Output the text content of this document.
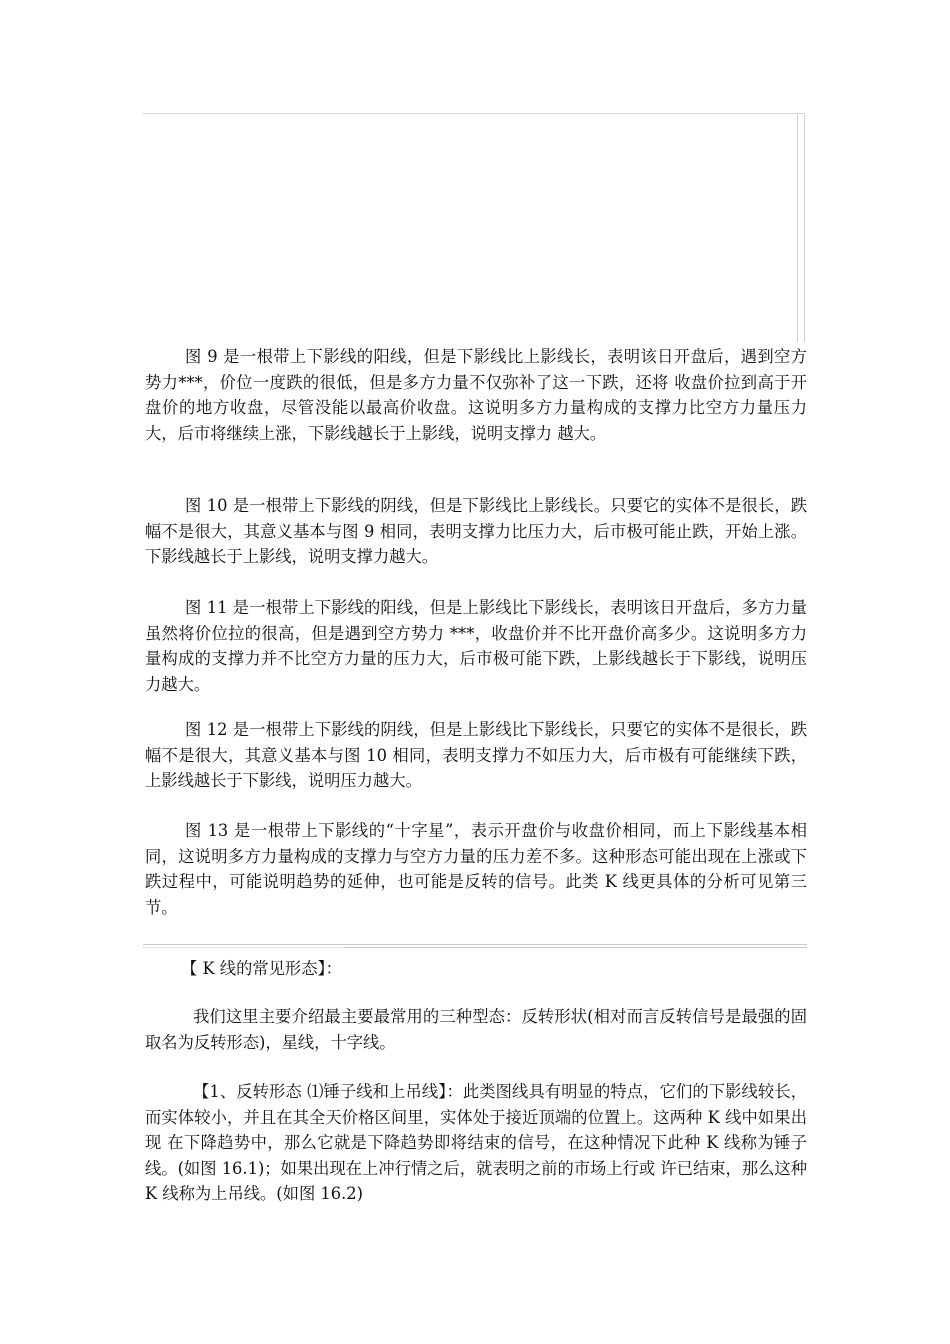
图 9 是一根带上下影线的阳线，但是下影线比上影线长，表明该日开盘后，遇到空方势力***，价位一度跌的很低，但是多方力量不仅弥补了这一下跌，还将 收盘价拉到高于开盘价的地方收盘，尽管没能以最高价收盘。这说明多方力量构成的支撑力比空方力量压力大，后市将继续上涨，下影线越长于上影线，说明支撑力 越大。

图 10 是一根带上下影线的阴线，但是下影线比上影线长。只要它的实体不是很长，跌幅不是很大，其意义基本与图 9 相同，表明支撑力比压力大，后市极可能止跌，开始上涨。下影线越长于上影线，说明支撑力越大。

图 11 是一根带上下影线的阳线，但是上影线比下影线长，表明该日开盘后，多方力量虽然将价位拉的很高，但是遇到空方势力 ***，收盘价并不比开盘价高多少。这说明多方力量构成的支撑力并不比空方力量的压力大，后市极可能下跌，上影线越长于下影线，说明压力越大。

图 12 是一根带上下影线的阴线，但是上影线比下影线长，只要它的实体不是很长，跌幅不是很大，其意义基本与图 10 相同，表明支撑力不如压力大，后市极有可能继续下跌，上影线越长于下影线，说明压力越大。

图 13 是一根带上下影线的“十字星”，表示开盘价与收盘价相同，而上下影线基本相同，这说明多方力量构成的支撑力与空方力量的压力差不多。这种形态可能出现在上涨或下跌过程中，可能说明趋势的延伸，也可能是反转的信号。此类 K 线更具体的分析可见第三节。

【 K 线的常见形态】：

我们这里主要介绍最主要最常用的三种型态：反转形状(相对而言反转信号是最强的固取名为反转形态)，星线，十字线。

【1、反转形态 ⑴锤子线和上吊线】：此类图线具有明显的特点，它们的下影线较长，而实体较小，并且在其全天价格区间里，实体处于接近顶端的位置上。这两种 K 线中如果出现 在下降趋势中，那么它就是下降趋势即将结束的信号，在这种情况下此种 K 线称为锤子线。(如图 16.1)；如果出现在上冲行情之后，就表明之前的市场上行或 许已结束，那么这种 K 线称为上吊线。(如图 16.2)
